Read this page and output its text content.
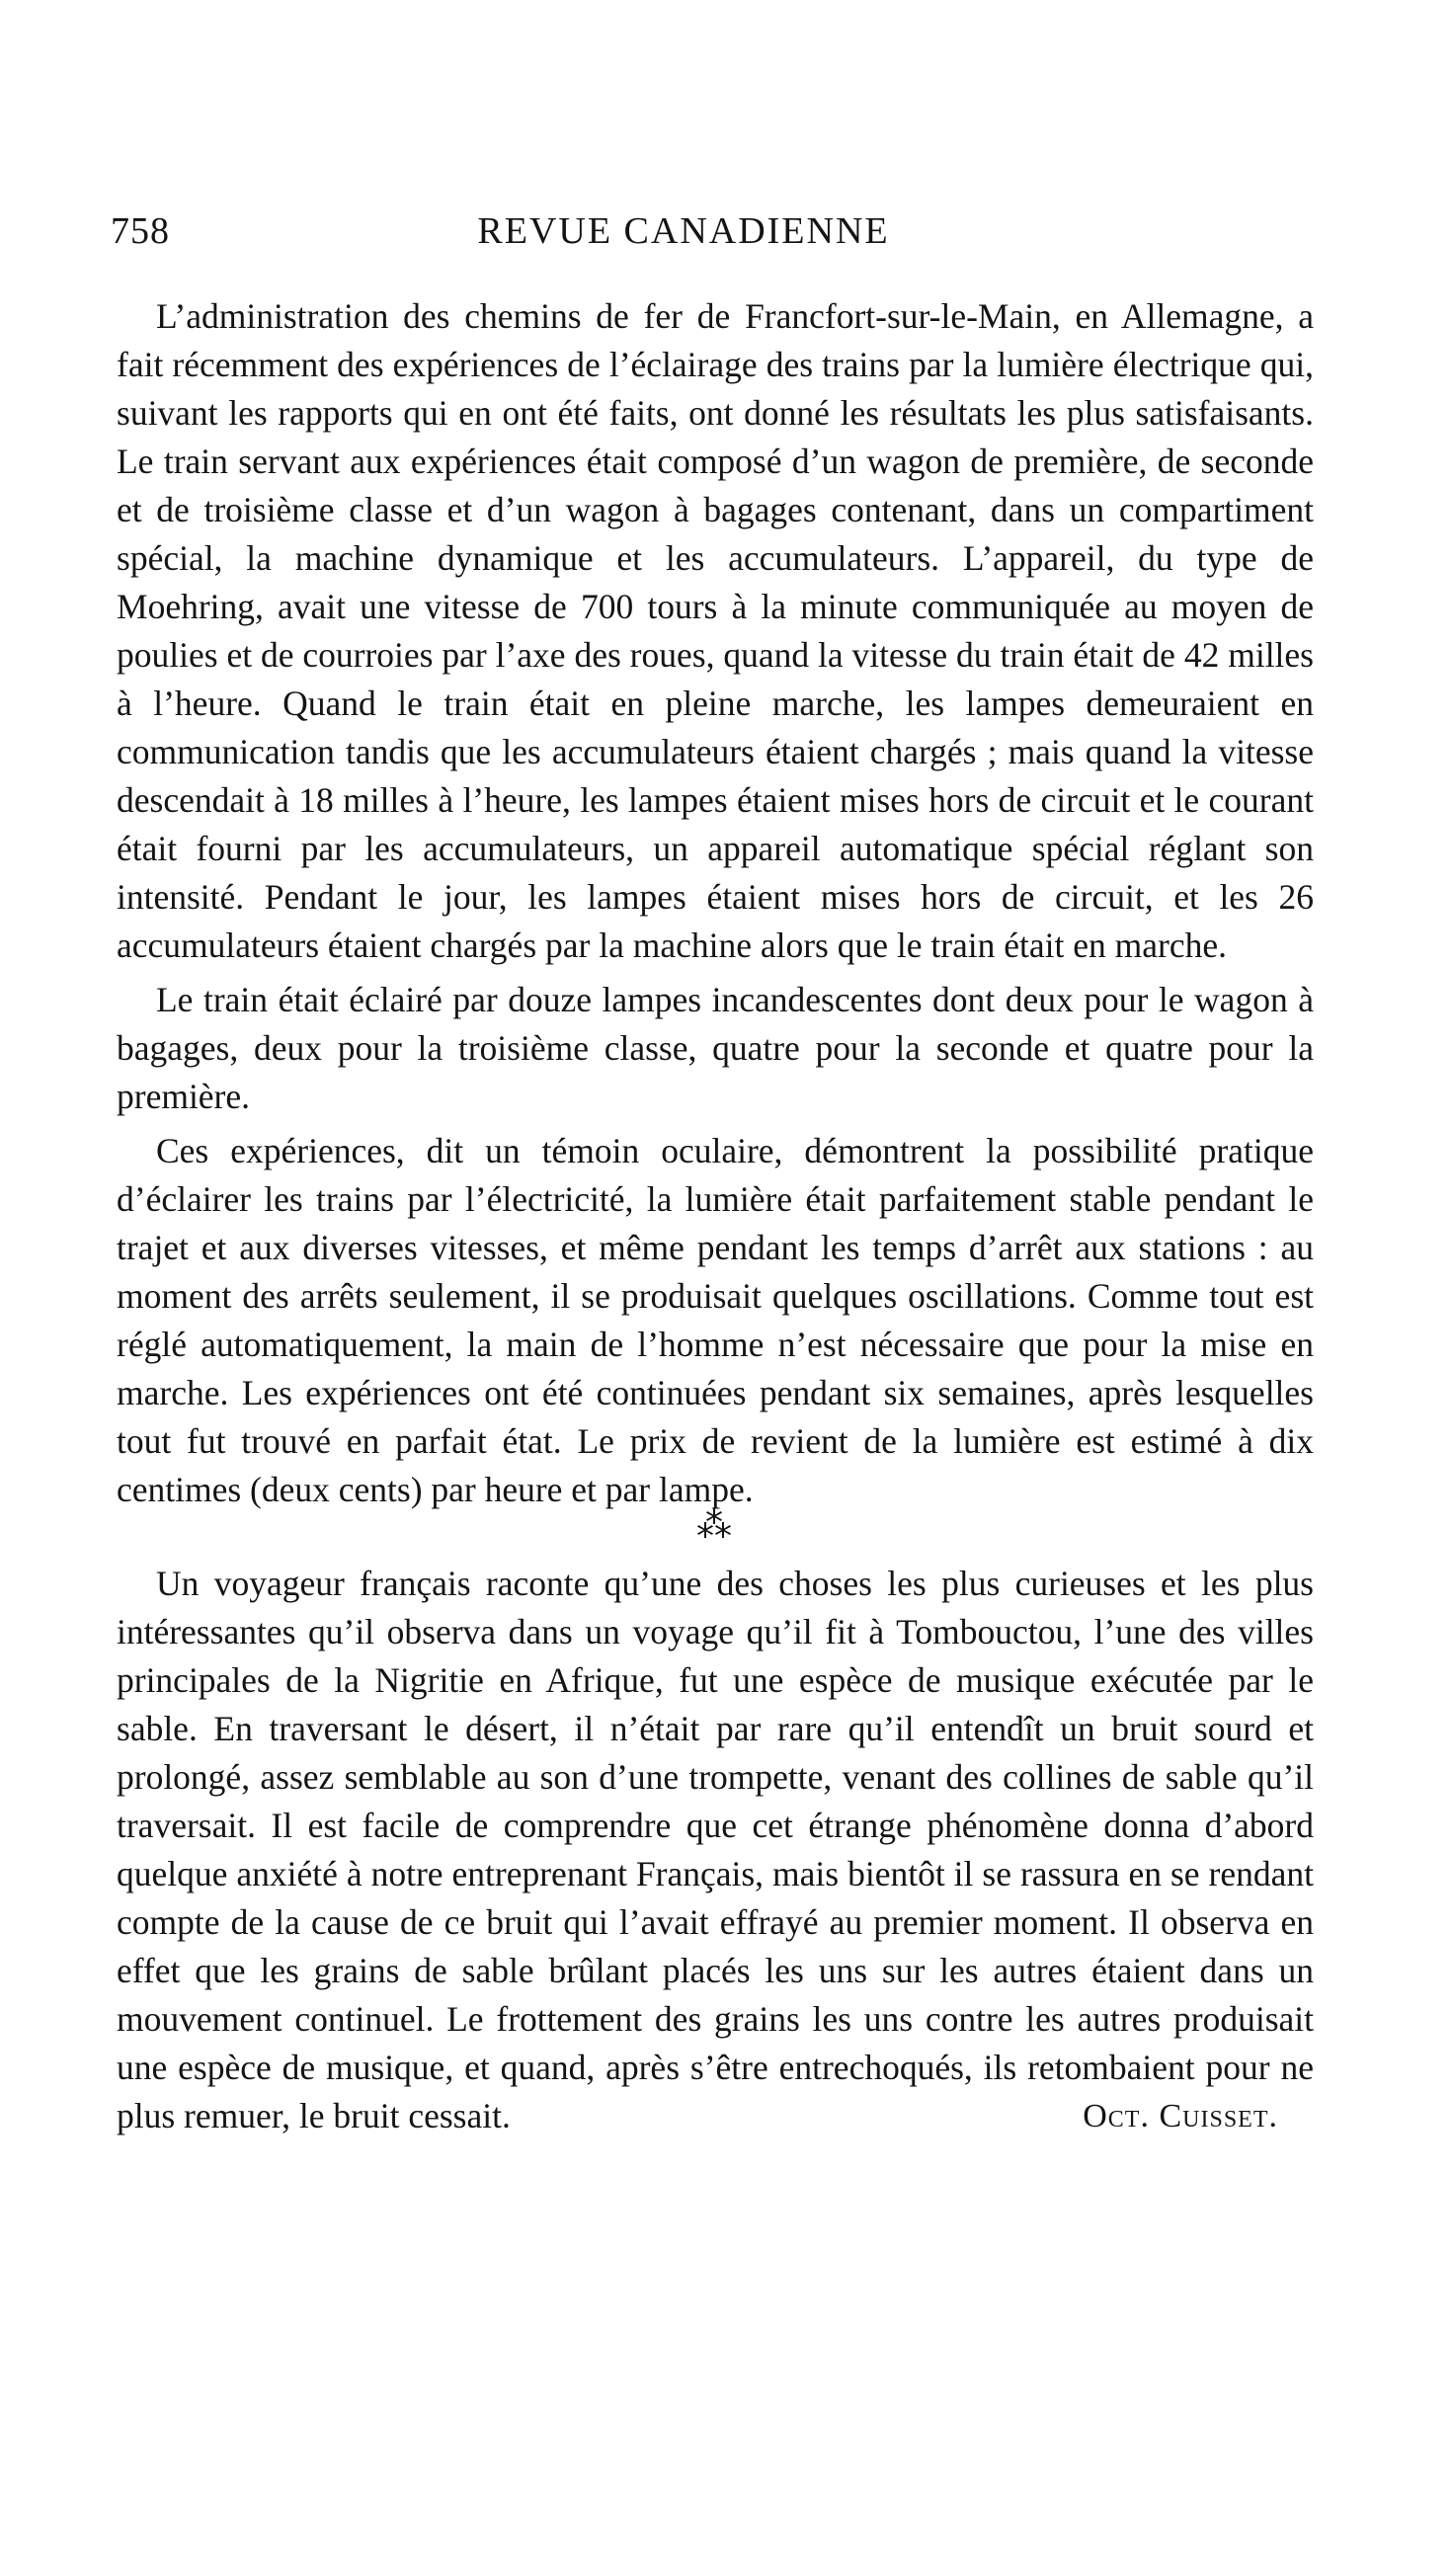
758	REVUE CANADIENNE

L’administration des chemins de fer de Francfort-sur-le-Main, en Allemagne, a fait récemment des expériences de l’éclairage des trains par la lumière électrique qui, suivant les rapports qui en ont été faits, ont donné les résultats les plus satisfaisants. Le train servant aux expériences était composé d’un wagon de première, de seconde et de troisième classe et d’un wagon à bagages contenant, dans un compartiment spécial, la machine dynamique et les accumulateurs. L’appareil, du type de Moehring, avait une vitesse de 700 tours à la minute communiquée au moyen de poulies et de courroies par l’axe des roues, quand la vitesse du train était de 42 milles à l’heure. Quand le train était en pleine marche, les lampes demeuraient en communication tandis que les accumulateurs étaient chargés ; mais quand la vitesse descendait à 18 milles à l’heure, les lampes étaient mises hors de circuit et le courant était fourni par les accumulateurs, un appareil automatique spécial réglant son intensité. Pendant le jour, les lampes étaient mises hors de circuit, et les 26 accumulateurs étaient chargés par la machine alors que le train était en marche.

Le train était éclairé par douze lampes incandescentes dont deux pour le wagon à bagages, deux pour la troisième classe, quatre pour la seconde et quatre pour la première.

Ces expériences, dit un témoin oculaire, démontrent la possibilité pratique d’éclairer les trains par l’électricité, la lumière était parfaitement stable pendant le trajet et aux diverses vitesses, et même pendant les temps d’arrêt aux stations : au moment des arrêts seulement, il se produisait quelques oscillations. Comme tout est réglé automatiquement, la main de l’homme n’est nécessaire que pour la mise en marche. Les expériences ont été continuées pendant six semaines, après lesquelles tout fut trouvé en parfait état. Le prix de revient de la lumière est estimé à dix centimes (deux cents) par heure et par lampe.

⁂

Un voyageur français raconte qu’une des choses les plus curieuses et les plus intéressantes qu’il observa dans un voyage qu’il fit à Tombouctou, l’une des villes principales de la Nigritie en Afrique, fut une espèce de musique exécutée par le sable. En traversant le désert, il n’était par rare qu’il entendît un bruit sourd et prolongé, assez semblable au son d’une trompette, venant des collines de sable qu’il traversait. Il est facile de comprendre que cet étrange phénomène donna d’abord quelque anxiété à notre entreprenant Français, mais bientôt il se rassura en se rendant compte de la cause de ce bruit qui l’avait effrayé au premier moment. Il observa en effet que les grains de sable brûlant placés les uns sur les autres étaient dans un mouvement continuel. Le frottement des grains les uns contre les autres produisait une espèce de musique, et quand, après s’être entrechoqués, ils retombaient pour ne plus remuer, le bruit cessait.	Oct. Cuisset.
